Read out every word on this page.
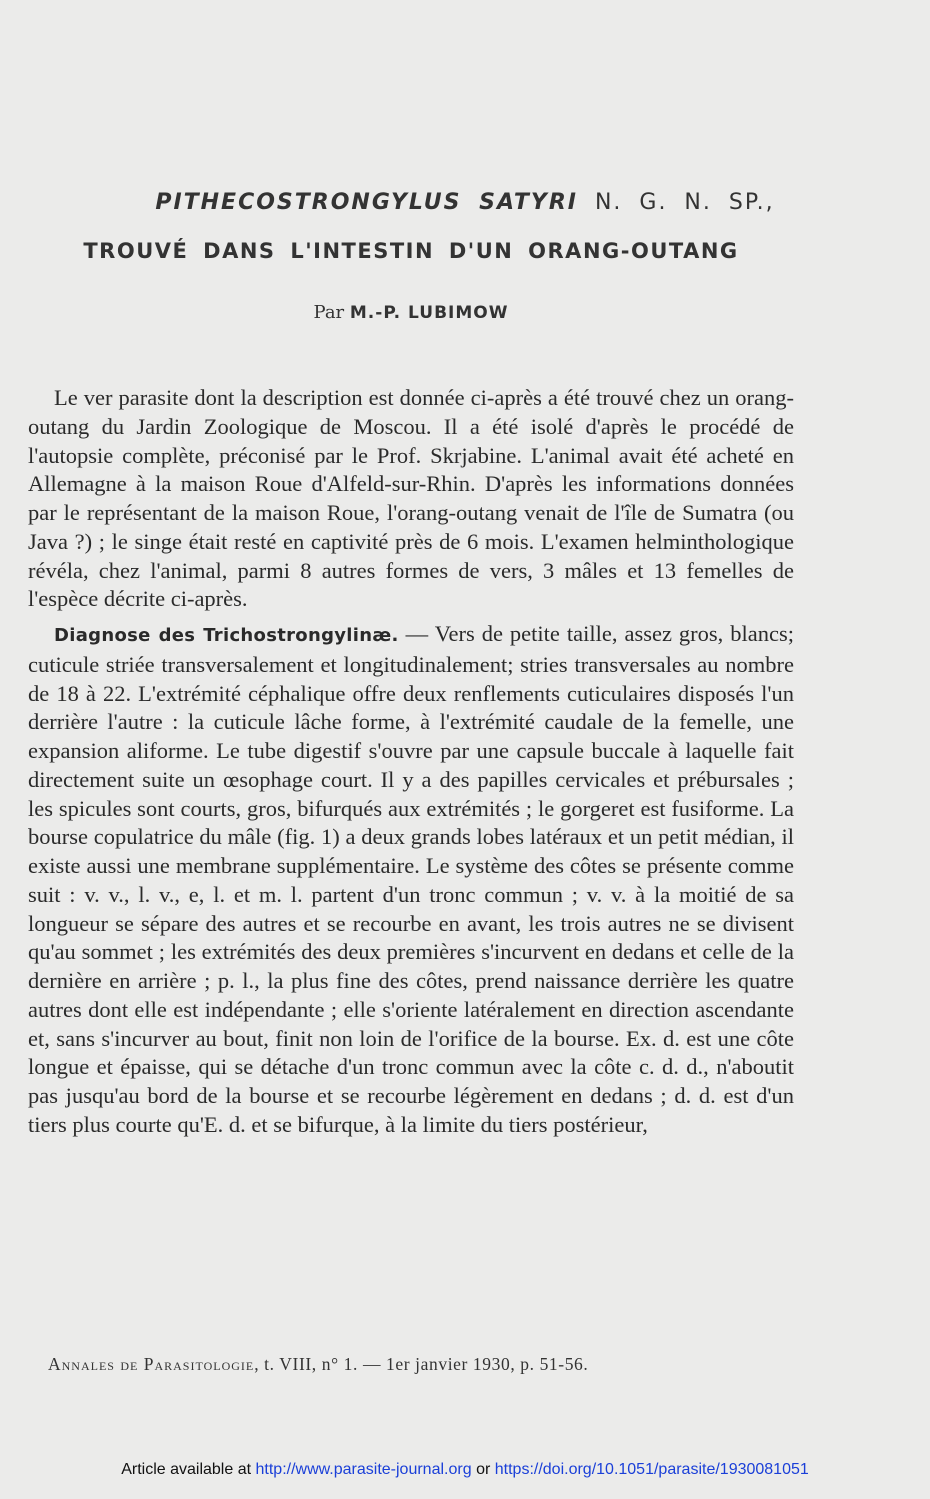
PITHECOSTRONGYLUS SATYRI N. G. N. SP.,
TROUVÉ DANS L'INTESTIN D'UN ORANG-OUTANG
Par M.-P. LUBIMOW

Le ver parasite dont la description est donnée ci-après a été trouvé chez un orang-outang du Jardin Zoologique de Moscou. Il a été isolé d'après le procédé de l'autopsie complète, préconisé par le Prof. Skrjabine. L'animal avait été acheté en Allemagne à la maison Roue d'Alfeld-sur-Rhin. D'après les informations données par le représentant de la maison Roue, l'orang-outang venait de l'île de Sumatra (ou Java ?) ; le singe était resté en captivité près de 6 mois. L'examen helminthologique révéla, chez l'animal, parmi 8 autres formes de vers, 3 mâles et 13 femelles de l'espèce décrite ci-après.

Diagnose des Trichostrongylinæ. — Vers de petite taille, assez gros, blancs; cuticule striée transversalement et longitudinalement; stries transversales au nombre de 18 à 22. L'extrémité céphalique offre deux renflements cuticulaires disposés l'un derrière l'autre : la cuticule lâche forme, à l'extrémité caudale de la femelle, une expansion aliforme. Le tube digestif s'ouvre par une capsule buccale à laquelle fait directement suite un œsophage court. Il y a des papilles cervicales et prébursales ; les spicules sont courts, gros, bifurqués aux extrémités ; le gorgeret est fusiforme. La bourse copulatrice du mâle (fig. 1) a deux grands lobes latéraux et un petit médian, il existe aussi une membrane supplémentaire. Le système des côtes se présente comme suit : v. v., l. v., e, l. et m. l. partent d'un tronc commun ; v. v. à la moitié de sa longueur se sépare des autres et se recourbe en avant, les trois autres ne se divisent qu'au sommet ; les extrémités des deux premières s'incurvent en dedans et celle de la dernière en arrière ; p. l., la plus fine des côtes, prend naissance derrière les quatre autres dont elle est indépendante ; elle s'oriente latéralement en direction ascendante et, sans s'incurver au bout, finit non loin de l'orifice de la bourse. Ex. d. est une côte longue et épaisse, qui se détache d'un tronc commun avec la côte c. d. d., n'aboutit pas jusqu'au bord de la bourse et se recourbe légèrement en dedans ; d. d. est d'un tiers plus courte qu'E. d. et se bifurque, à la limite du tiers postérieur,

Annales de Parasitologie, t. VIII, n° 1. — 1er janvier 1930, p. 51-56.
Article available at http://www.parasite-journal.org or https://doi.org/10.1051/parasite/1930081051
